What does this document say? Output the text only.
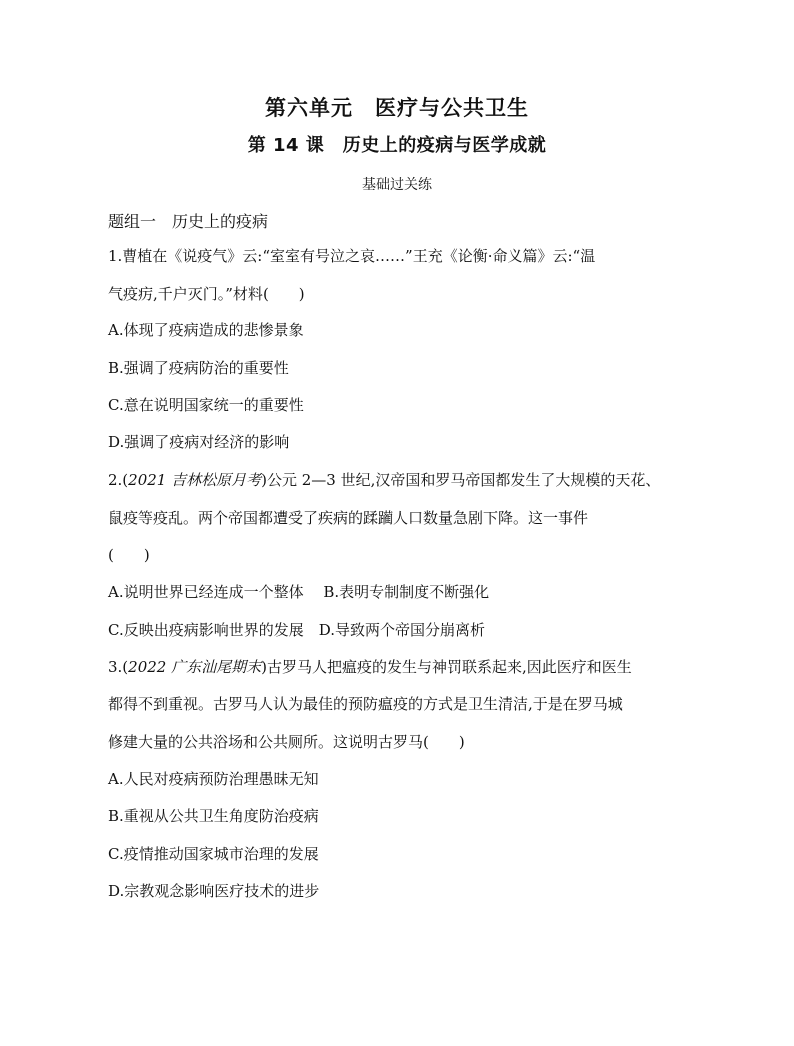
第六单元　医疗与公共卫生
第 14 课　历史上的疫病与医学成就
基础过关练
题组一　历史上的疫病
1.曹植在《说疫气》云:“室室有号泣之哀……”王充《论衡·命义篇》云:“温
气疫疠,千户灭门。”材料(　　)
A.体现了疫病造成的悲惨景象
B.强调了疫病防治的重要性
C.意在说明国家统一的重要性
D.强调了疫病对经济的影响
2.(2021 吉林松原月考)公元 2—3 世纪,汉帝国和罗马帝国都发生了大规模的天花、
鼠疫等疫乱。两个帝国都遭受了疾病的蹂躏人口数量急剧下降。这一事件
(　　)
A.说明世界已经连成一个整体　 B.表明专制制度不断强化
C.反映出疫病影响世界的发展　D.导致两个帝国分崩离析
3.(2022 广东汕尾期末)古罗马人把瘟疫的发生与神罚联系起来,因此医疗和医生
都得不到重视。古罗马人认为最佳的预防瘟疫的方式是卫生清洁,于是在罗马城
修建大量的公共浴场和公共厕所。这说明古罗马(　　)
A.人民对疫病预防治理愚昧无知
B.重视从公共卫生角度防治疫病
C.疫情推动国家城市治理的发展
D.宗教观念影响医疗技术的进步
